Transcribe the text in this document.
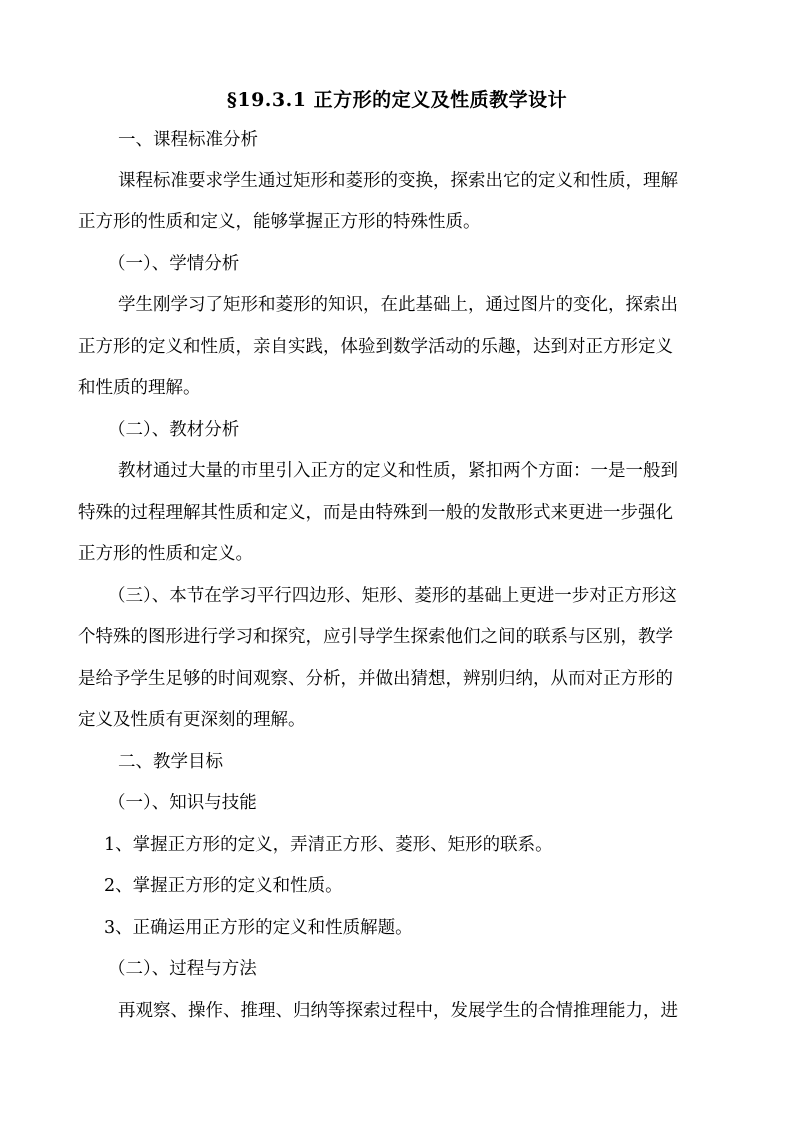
§19.3.1 正方形的定义及性质教学设计
一、课程标准分析
课程标准要求学生通过矩形和菱形的变换，探索出它的定义和性质，理解
正方形的性质和定义，能够掌握正方形的特殊性质。
（一）、学情分析
学生刚学习了矩形和菱形的知识，在此基础上，通过图片的变化，探索出
正方形的定义和性质，亲自实践，体验到数学活动的乐趣，达到对正方形定义
和性质的理解。
（二）、教材分析
教材通过大量的市里引入正方的定义和性质，紧扣两个方面：一是一般到
特殊的过程理解其性质和定义，而是由特殊到一般的发散形式来更进一步强化
正方形的性质和定义。
（三）、本节在学习平行四边形、矩形、菱形的基础上更进一步对正方形这
个特殊的图形进行学习和探究，应引导学生探索他们之间的联系与区别，教学
是给予学生足够的时间观察、分析，并做出猜想，辨别归纳，从而对正方形的
定义及性质有更深刻的理解。
二、教学目标
（一）、知识与技能
1、掌握正方形的定义，弄清正方形、菱形、矩形的联系。
2、掌握正方形的定义和性质。
3、正确运用正方形的定义和性质解题。
（二）、过程与方法
再观察、操作、推理、归纳等探索过程中，发展学生的合情推理能力，进
